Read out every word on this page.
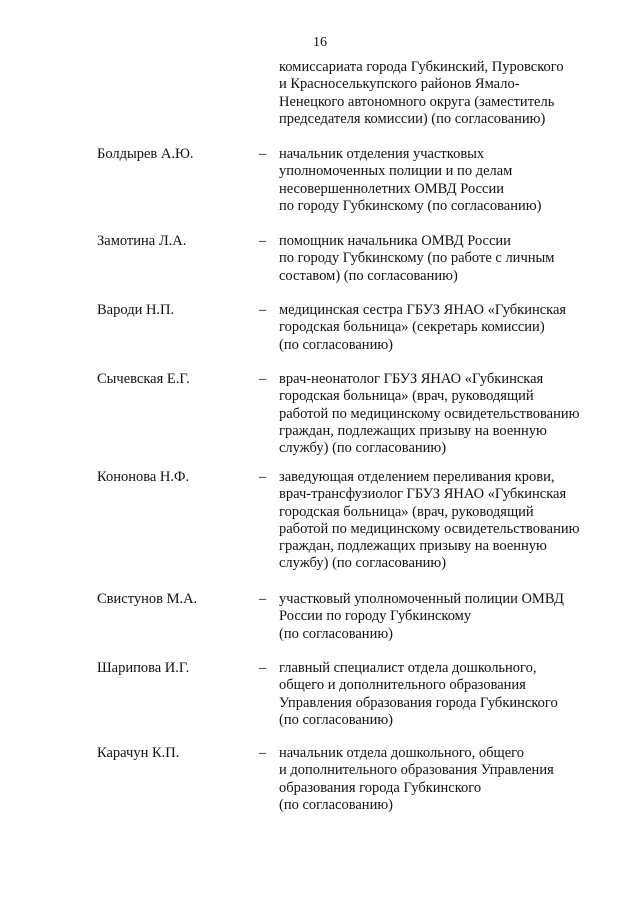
16
комиссариата города Губкинский, Пуровского
и Красноселькупского районов Ямало-
Ненецкого автономного округа (заместитель
председателя комиссии) (по согласованию)
Болдырев А.Ю.	– начальник отделения участковых
уполномоченных полиции и по делам
несовершеннолетних ОМВД России
по городу Губкинскому (по согласованию)
Замотина Л.А.	– помощник начальника ОМВД России
по городу Губкинскому (по работе с личным
составом) (по согласованию)
Вароди Н.П.	– медицинская сестра ГБУЗ ЯНАО «Губкинская
городская больница» (секретарь комиссии)
(по согласованию)
Сычевская Е.Г.	– врач-неонатолог ГБУЗ ЯНАО «Губкинская
городская больница» (врач, руководящий
работой по медицинскому освидетельствованию
граждан, подлежащих призыву на военную
службу) (по согласованию)
Кононова Н.Ф.	– заведующая отделением переливания крови,
врач-трансфузиолог ГБУЗ ЯНАО «Губкинская
городская больница» (врач, руководящий
работой по медицинскому освидетельствованию
граждан, подлежащих призыву на военную
службу) (по согласованию)
Свистунов М.А.	– участковый уполномоченный полиции ОМВД
России по городу Губкинскому
(по согласованию)
Шарипова И.Г.	– главный специалист отдела дошкольного,
общего и дополнительного образования
Управления образования города Губкинского
(по согласованию)
Карачун К.П.	– начальник отдела дошкольного, общего
и дополнительного образования Управления
образования города Губкинского
(по согласованию)
